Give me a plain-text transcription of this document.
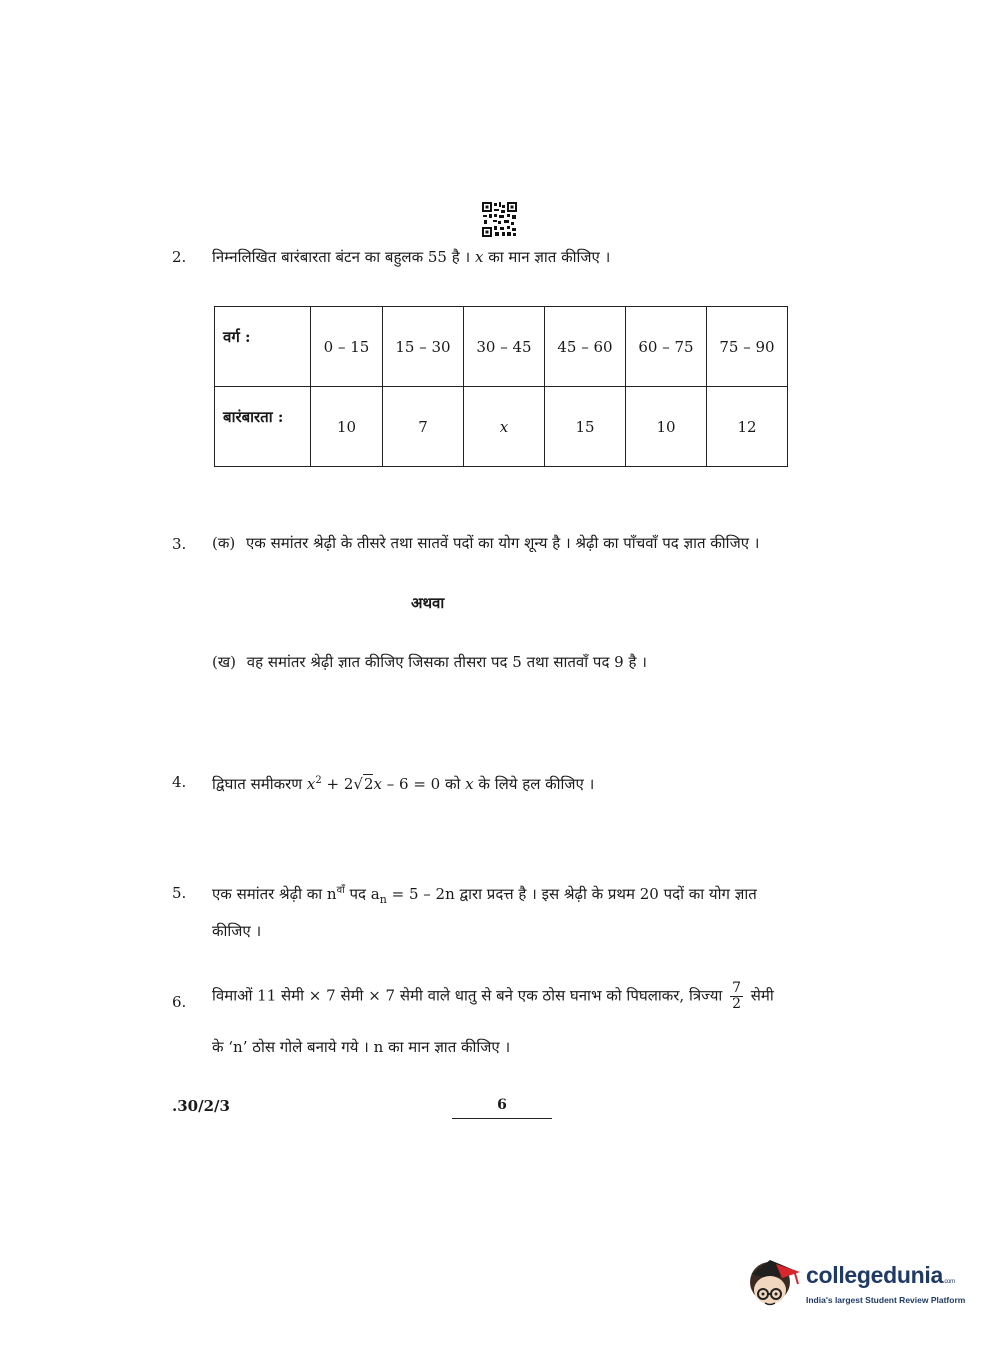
2. निम्नलिखित बारंबारता बंटन का बहुलक 55 है । x का मान ज्ञात कीजिए ।
वर्ग :	0 – 15	15 – 30	30 – 45	45 – 60	60 – 75	75 – 90
बारंबारता :	10	7	x	15	10	12
3. (क) एक समांतर श्रेढ़ी के तीसरे तथा सातवें पदों का योग शून्य है । श्रेढ़ी का पाँचवाँ पद ज्ञात कीजिए ।
अथवा
(ख) वह समांतर श्रेढ़ी ज्ञात कीजिए जिसका तीसरा पद 5 तथा सातवाँ पद 9 है ।
4. द्विघात समीकरण $x^2 + 2√2x - 6 = 0$ को x के लिये हल कीजिए ।
5. एक समांतर श्रेढ़ी का $n^{वाँ}$ पद $a_n = 5 - 2n$ द्वारा प्रदत्त है । इस श्रेढ़ी के प्रथम 20 पदों का योग ज्ञात
कीजिए ।
6. विमाओं 11 सेमी × 7 सेमी × 7 सेमी वाले धातु से बने एक ठोस घनाभ को पिघलाकर, त्रिज्या $\frac{7}{2}$ सेमी
के ‘n’ ठोस गोले बनाये गये । n का मान ज्ञात कीजिए ।
.30/2/3	6
collegedunia.com
India's largest Student Review Platform
